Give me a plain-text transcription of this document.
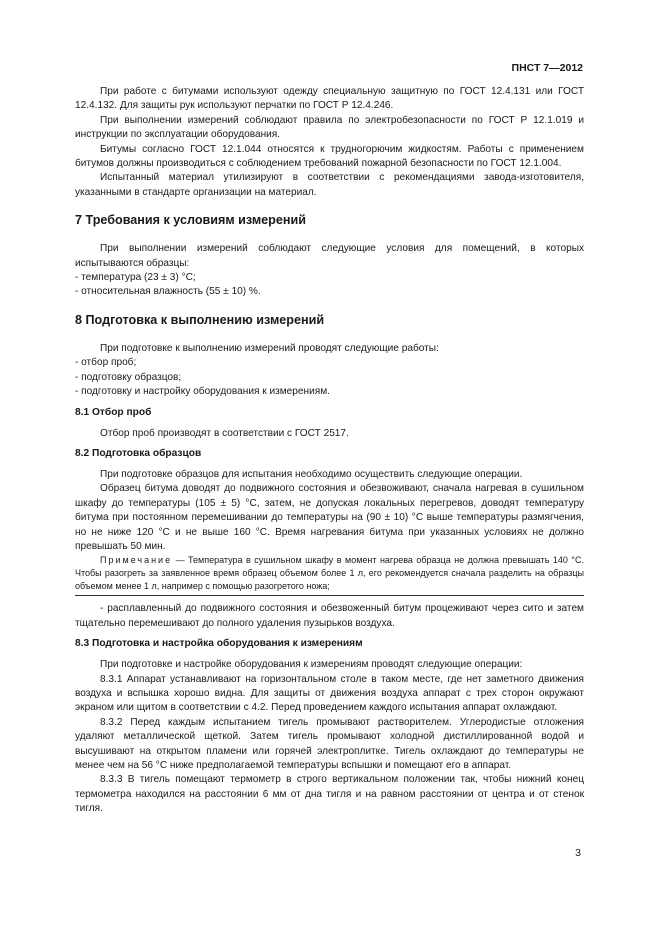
ПНСТ 7—2012

При работе с битумами используют одежду специальную защитную по ГОСТ 12.4.131 или ГОСТ 12.4.132. Для защиты рук используют перчатки по ГОСТ Р 12.4.246.

При выполнении измерений соблюдают правила по электробезопасности по ГОСТ Р 12.1.019 и инструкции по эксплуатации оборудования.

Битумы согласно ГОСТ 12.1.044 относятся к трудногорючим жидкостям. Работы с применением битумов должны производиться с соблюдением требований пожарной безопасности по ГОСТ 12.1.004.

Испытанный материал утилизируют в соответствии с рекомендациями завода-изготовителя, указанными в стандарте организации на материал.

7 Требования к условиям измерений

При выполнении измерений соблюдают следующие условия для помещений, в которых испытываются образцы:

- температура (23 ± 3) °С;

- относительная влажность (55 ± 10) %.

8 Подготовка к выполнению измерений

При подготовке к выполнению измерений проводят следующие работы:

- отбор проб;

- подготовку образцов;

- подготовку и настройку оборудования к измерениям.

8.1 Отбор проб

Отбор проб производят в соответствии с ГОСТ 2517.

8.2 Подготовка образцов

При подготовке образцов для испытания необходимо осуществить следующие операции.

Образец битума доводят до подвижного состояния и обезвоживают, сначала нагревая в сушильном шкафу до температуры (105 ± 5) °С, затем, не допуская локальных перегревов, доводят температуру битума при постоянном перемешивании до температуры на (90 ± 10) °С выше температуры размягчения, но не ниже 120 °С и не выше 160 °С. Время нагревания битума при указанных условиях не должно превышать 50 мин.

Примечание — Температура в сушильном шкафу в момент нагрева образца не должна превышать 140 °С. Чтобы разогреть за заявленное время образец объемом более 1 л, его рекомендуется сначала разделить на образцы объемом менее 1 л, например с помощью разогретого ножа;

- расплавленный до подвижного состояния и обезвоженный битум процеживают через сито и затем тщательно перемешивают до полного удаления пузырьков воздуха.

8.3 Подготовка и настройка оборудования к измерениям

При подготовке и настройке оборудования к измерениям проводят следующие операции:

8.3.1 Аппарат устанавливают на горизонтальном столе в таком месте, где нет заметного движения воздуха и вспышка хорошо видна. Для защиты от движения воздуха аппарат с трех сторон окружают экраном или щитом в соответствии с 4.2. Перед проведением каждого испытания аппарат охлаждают.

8.3.2 Перед каждым испытанием тигель промывают растворителем. Углеродистые отложения удаляют металлической щеткой. Затем тигель промывают холодной дистиллированной водой и высушивают на открытом пламени или горячей электроплитке. Тигель охлаждают до температуры не менее чем на 56 °С ниже предполагаемой температуры вспышки и помещают его в аппарат.

8.3.3 В тигель помещают термометр в строго вертикальном положении так, чтобы нижний конец термометра находился на расстоянии 6 мм от дна тигля и на равном расстоянии от центра и от стенок тигля.

3
